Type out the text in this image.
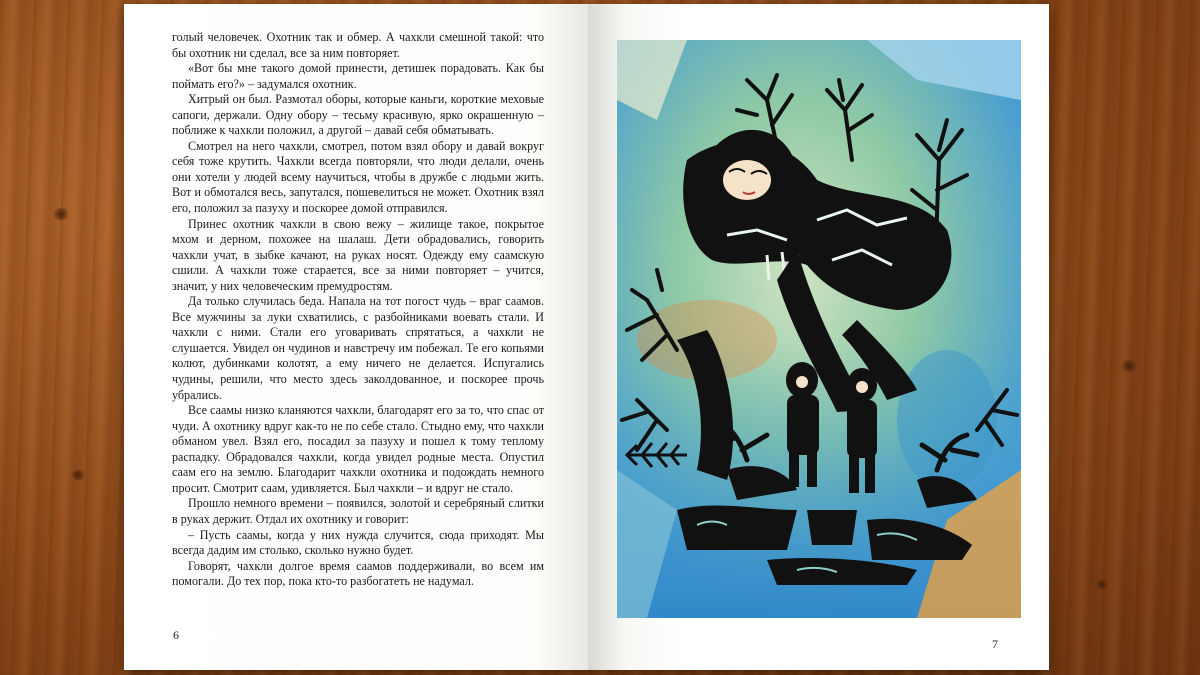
голый человечек. Охотник так и обмер. А чахкли смешной такой: что бы охотник ни сделал, все за ним повторяет.

«Вот бы мне такого домой принести, детишек порадовать. Как бы поймать его?» – задумался охотник.

Хитрый он был. Размотал оборы, которые каньги, короткие меховые сапоги, держали. Одну обору – тесьму красивую, ярко окрашенную – поближе к чахкли положил, а другой – давай себя обматывать.

Смотрел на него чахкли, смотрел, потом взял обору и давай вокруг себя тоже крутить. Чахкли всегда повторяли, что люди делали, очень они хотели у людей всему научиться, чтобы в дружбе с людьми жить. Вот и обмотался весь, запутался, пошевелиться не может. Охотник взял его, положил за пазуху и поскорее домой отправился.

Принес охотник чахкли в свою вежу – жилище такое, покрытое мхом и дерном, похожее на шалаш. Дети обрадовались, говорить чахкли учат, в зыбке качают, на руках носят. Одежду ему саамскую сшили. А чахкли тоже старается, все за ними повторяет – учится, значит, у них человеческим премудростям.

Да только случилась беда. Напала на тот погост чудь – враг саамов. Все мужчины за луки схватились, с разбойниками воевать стали. И чахкли с ними. Стали его уговаривать спрятаться, а чахкли не слушается. Увидел он чудинов и навстречу им побежал. Те его копьями колют, дубинками колотят, а ему ничего не делается. Испугались чудины, решили, что место здесь заколдованное, и поскорее прочь убрались.

Все саамы низко кланяются чахкли, благодарят его за то, что спас от чуди. А охотнику вдруг как-то не по себе стало. Стыдно ему, что чахкли обманом увел. Взял его, посадил за пазуху и пошел к тому теплому распадку. Обрадовался чахкли, когда увидел родные места. Опустил саам его на землю. Благодарит чахкли охотника и подождать немного просит. Смотрит саам, удивляется. Был чахкли – и вдруг не стало.

Прошло немного времени – появился, золотой и серебряный слитки в руках держит. Отдал их охотнику и говорит:

– Пусть саамы, когда у них нужда случится, сюда приходят. Мы всегда дадим им столько, сколько нужно будет.

Говорят, чахкли долгое время саамов поддерживали, во всем им помогали. До тех пор, пока кто-то разбогатеть не надумал.

6
7
